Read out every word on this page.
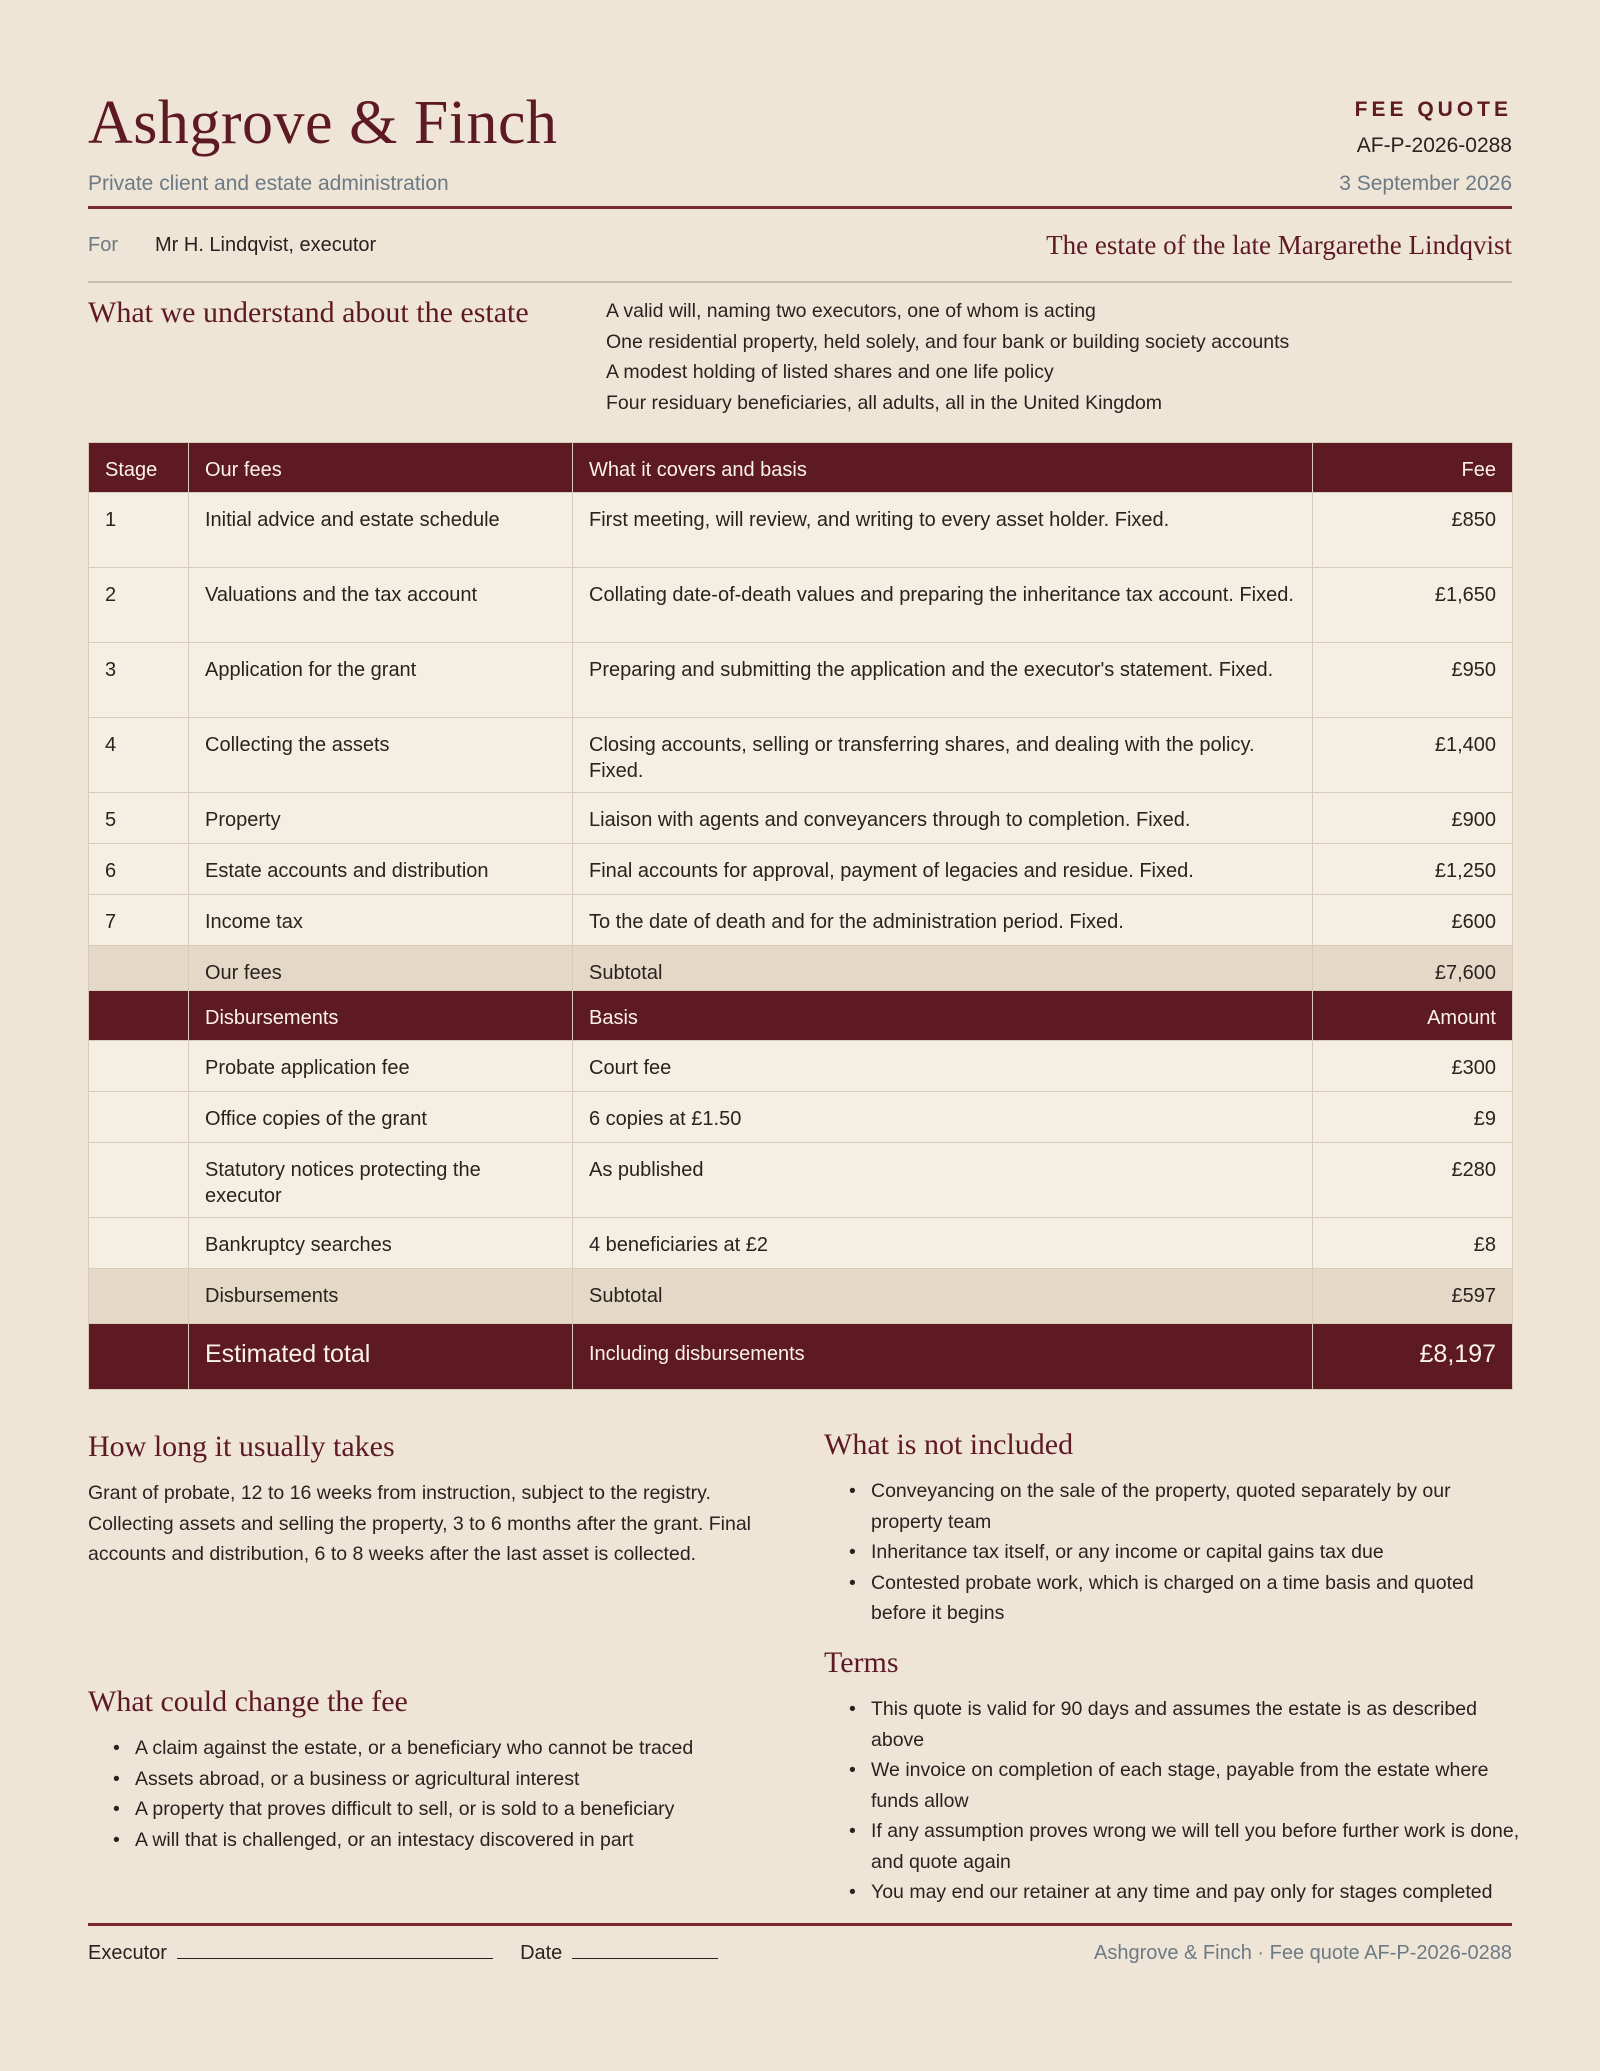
Ashgrove & Finch
Private client and estate administration
FEE QUOTE
AF-P-2026-0288
3 September 2026
For Mr H. Lindqvist, executor	The estate of the late Margarethe Lindqvist
What we understand about the estate	A valid will, naming two executors, one of whom is acting
One residential property, held solely, and four bank or building society accounts
A modest holding of listed shares and one life policy
Four residuary beneficiaries, all adults, all in the United Kingdom
Stage	Our fees	What it covers and basis	Fee
1	Initial advice and estate schedule	First meeting, will review, and writing to every asset holder. Fixed.	£850
2	Valuations and the tax account	Collating date-of-death values and preparing the inheritance tax account. Fixed.	£1,650
3	Application for the grant	Preparing and submitting the application and the executor's statement. Fixed.	£950
4	Collecting the assets	Closing accounts, selling or transferring shares, and dealing with the policy. Fixed.	£1,400
5	Property	Liaison with agents and conveyancers through to completion. Fixed.	£900
6	Estate accounts and distribution	Final accounts for approval, payment of legacies and residue. Fixed.	£1,250
7	Income tax	To the date of death and for the administration period. Fixed.	£600
	Our fees	Subtotal	£7,600
	Disbursements	Basis	Amount
	Probate application fee	Court fee	£300
	Office copies of the grant	6 copies at £1.50	£9
	Statutory notices protecting the executor	As published	£280
	Bankruptcy searches	4 beneficiaries at £2	£8
	Disbursements	Subtotal	£597
	Estimated total	Including disbursements	£8,197
How long it usually takes
Grant of probate, 12 to 16 weeks from instruction, subject to the registry. Collecting assets and selling the property, 3 to 6 months after the grant. Final accounts and distribution, 6 to 8 weeks after the last asset is collected.
What could change the fee
• A claim against the estate, or a beneficiary who cannot be traced
• Assets abroad, or a business or agricultural interest
• A property that proves difficult to sell, or is sold to a beneficiary
• A will that is challenged, or an intestacy discovered in part
What is not included
• Conveyancing on the sale of the property, quoted separately by our property team
• Inheritance tax itself, or any income or capital gains tax due
• Contested probate work, which is charged on a time basis and quoted before it begins
Terms
• This quote is valid for 90 days and assumes the estate is as described above
• We invoice on completion of each stage, payable from the estate where funds allow
• If any assumption proves wrong we will tell you before further work is done, and quote again
• You may end our retainer at any time and pay only for stages completed
Executor	Date	Ashgrove & Finch · Fee quote AF-P-2026-0288
